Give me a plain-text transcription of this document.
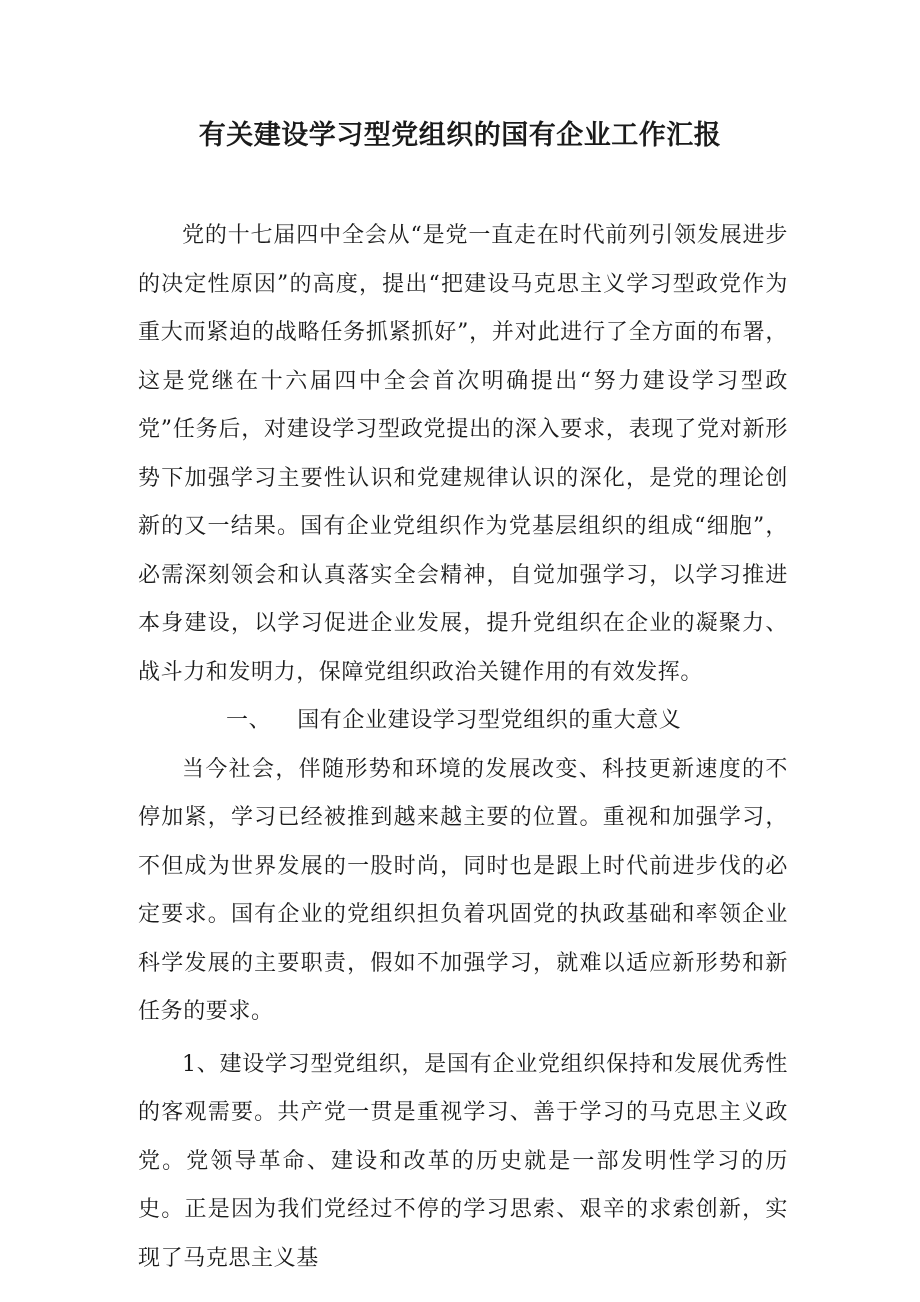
有关建设学习型党组织的国有企业工作汇报

党的十七届四中全会从“是党一直走在时代前列引领发展进步的决定性原因”的高度，提出“把建设马克思主义学习型政党作为重大而紧迫的战略任务抓紧抓好”，并对此进行了全方面的布署，这是党继在十六届四中全会首次明确提出“努力建设学习型政党”任务后，对建设学习型政党提出的深入要求，表现了党对新形势下加强学习主要性认识和党建规律认识的深化，是党的理论创新的又一结果。国有企业党组织作为党基层组织的组成“细胞”，必需深刻领会和认真落实全会精神，自觉加强学习，以学习推进本身建设，以学习促进企业发展，提升党组织在企业的凝聚力、战斗力和发明力，保障党组织政治关键作用的有效发挥。

一、 国有企业建设学习型党组织的重大意义

当今社会，伴随形势和环境的发展改变、科技更新速度的不停加紧，学习已经被推到越来越主要的位置。重视和加强学习，不但成为世界发展的一股时尚，同时也是跟上时代前进步伐的必定要求。国有企业的党组织担负着巩固党的执政基础和率领企业科学发展的主要职责，假如不加强学习，就难以适应新形势和新任务的要求。

1、建设学习型党组织，是国有企业党组织保持和发展优秀性的客观需要。共产党一贯是重视学习、善于学习的马克思主义政党。党领导革命、建设和改革的历史就是一部发明性学习的历史。正是因为我们党经过不停的学习思索、艰辛的求索创新，实现了马克思主义基
